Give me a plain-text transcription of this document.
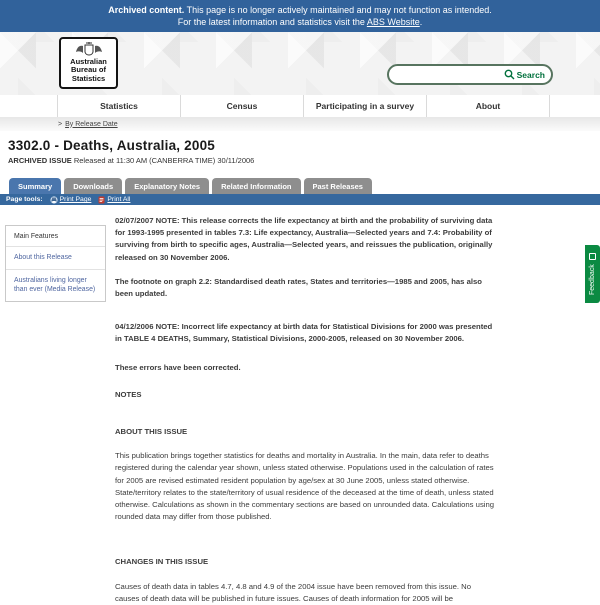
Archived content. This page is no longer actively maintained and may not function as intended.
For the latest information and statistics visit the ABS Website.
Australian
Bureau of
Statistics	Search
Statistics	Census	Participating in a survey	About
> By Release Date
3302.0 - Deaths, Australia, 2005
ARCHIVED ISSUE Released at 11:30 AM (CANBERRA TIME) 30/11/2006
Summary	Downloads	Explanatory Notes	Related Information	Past Releases
Page tools:	Print Page Print All
Main Features
About this Release
Australians living longer than ever (Media Release)

02/07/2007 NOTE: This release corrects the life expectancy at birth and the probability of surviving data for 1993-1995 presented in tables 7.3: Life expectancy, Australia—Selected years and 7.4: Probability of surviving from birth to specific ages, Australia—Selected years, and reissues the publication, originally released on 30 November 2006.

The footnote on graph 2.2: Standardised death rates, States and territories—1985 and 2005, has also been updated.

04/12/2006 NOTE: Incorrect life expectancy at birth data for Statistical Divisions for 2000 was presented in TABLE 4 DEATHS, Summary, Statistical Divisions, 2000-2005, released on 30 November 2006.

These errors have been corrected.

NOTES

ABOUT THIS ISSUE

This publication brings together statistics for deaths and mortality in Australia. In the main, data refer to deaths registered during the calendar year shown, unless stated otherwise. Populations used in the calculation of rates for 2005 are revised estimated resident population by age/sex at 30 June 2005, unless stated otherwise. State/territory relates to the state/territory of usual residence of the deceased at the time of death, unless stated otherwise. Calculations as shown in the commentary sections are based on unrounded data. Calculations using rounded data may differ from those published.

CHANGES IN THIS ISSUE

Causes of death data in tables 4.7, 4.8 and 4.9 of the 2004 issue have been removed from this issue. No causes of death data will be published in future issues. Causes of death information for 2005 will be

Feedback
